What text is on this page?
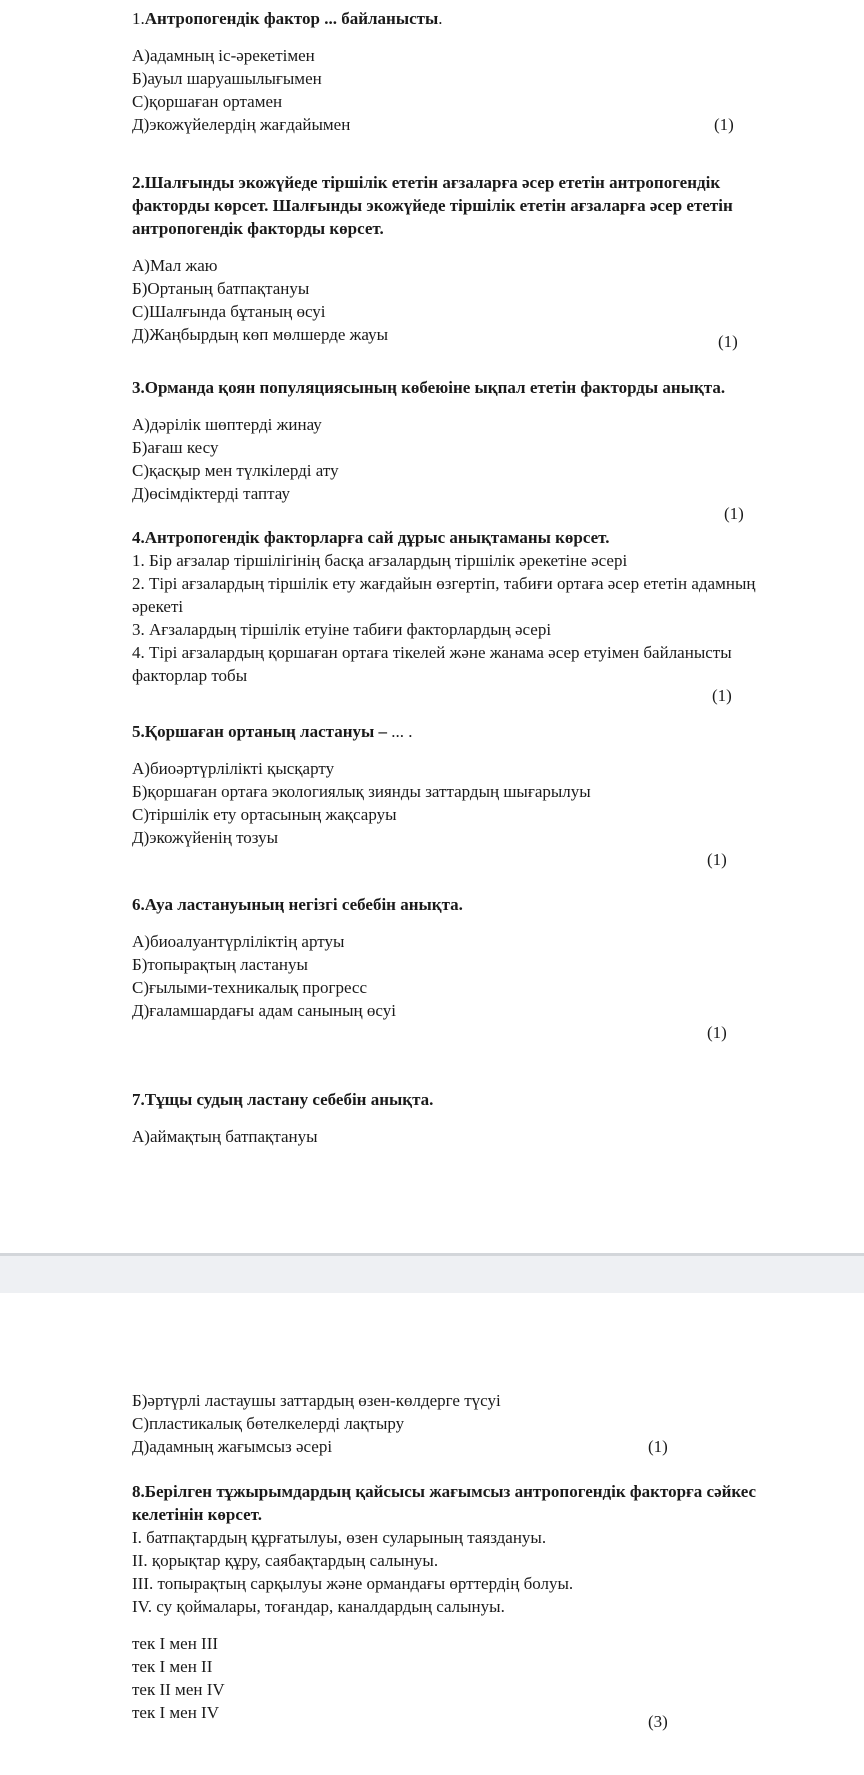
1.Антропогендік фактор ... байланысты.
А)адамның іс-әрекетімен
Б)ауыл шаруашылығымен
С)қоршаған ортамен
Д)экожүйелердің жағдайымен	(1)
2.Шалғынды экожүйеде тіршілік ететін ағзаларға әсер ететін антропогендік
факторды көрсет. Шалғынды экожүйеде тіршілік ететін ағзаларға әсер ететін
антропогендік факторды көрсет.
А)Мал жаю
Б)Ортаның батпақтануы
С)Шалғында бұтаның өсуі
Д)Жаңбырдың көп мөлшерде жауы	(1)
3.Орманда қоян популяциясының көбеюіне ықпал ететін факторды анықта.
А)дәрілік шөптерді жинау
Б)ағаш кесу
С)қасқыр мен түлкілерді ату
Д)өсімдіктерді таптау
(1)
4.Антропогендік факторларға сай дұрыс анықтаманы көрсет.
1. Бір ағзалар тіршілігінің басқа ағзалардың тіршілік әрекетіне әсері
2. Тірі ағзалардың тіршілік ету жағдайын өзгертіп, табиғи ортаға әсер ететін адамның
әрекеті
3. Ағзалардың тіршілік етуіне табиғи факторлардың әсері
4. Тірі ағзалардың қоршаған ортаға тікелей және жанама әсер етуімен байланысты
факторлар тобы
(1)
5.Қоршаған ортаның ластануы – ... .
А)биоәртүрлілікті қысқарту
Б)қоршаған ортаға экологиялық зиянды заттардың шығарылуы
С)тіршілік ету ортасының жақсаруы
Д)экожүйенің тозуы
(1)
6.Ауа ластануының негізгі себебін анықта.
А)биоалуантүрліліктің артуы
Б)топырақтың ластануы
С)ғылыми-техникалық прогресс
Д)ғаламшардағы адам санының өсуі
(1)
7.Тұщы судың ластану себебін анықта.
А)аймақтың батпақтануы
Б)әртүрлі ластаушы заттардың өзен-көлдерге түсуі
С)пластикалық бөтелкелерді лақтыру
Д)адамның жағымсыз әсері	(1)
8.Берілген тұжырымдардың қайсысы жағымсыз антропогендік факторға сәйкес
келетінін көрсет.
I. батпақтардың құрғатылуы, өзен суларының таяздануы.
II. қорықтар құру, саябақтардың салынуы.
III. топырақтың сарқылуы және ормандағы өрттердің болуы.
IV. су қоймалары, тоғандар, каналдардың салынуы.
тек I мен III
тек I мен II
тек II мен IV
тек I мен IV	(3)
